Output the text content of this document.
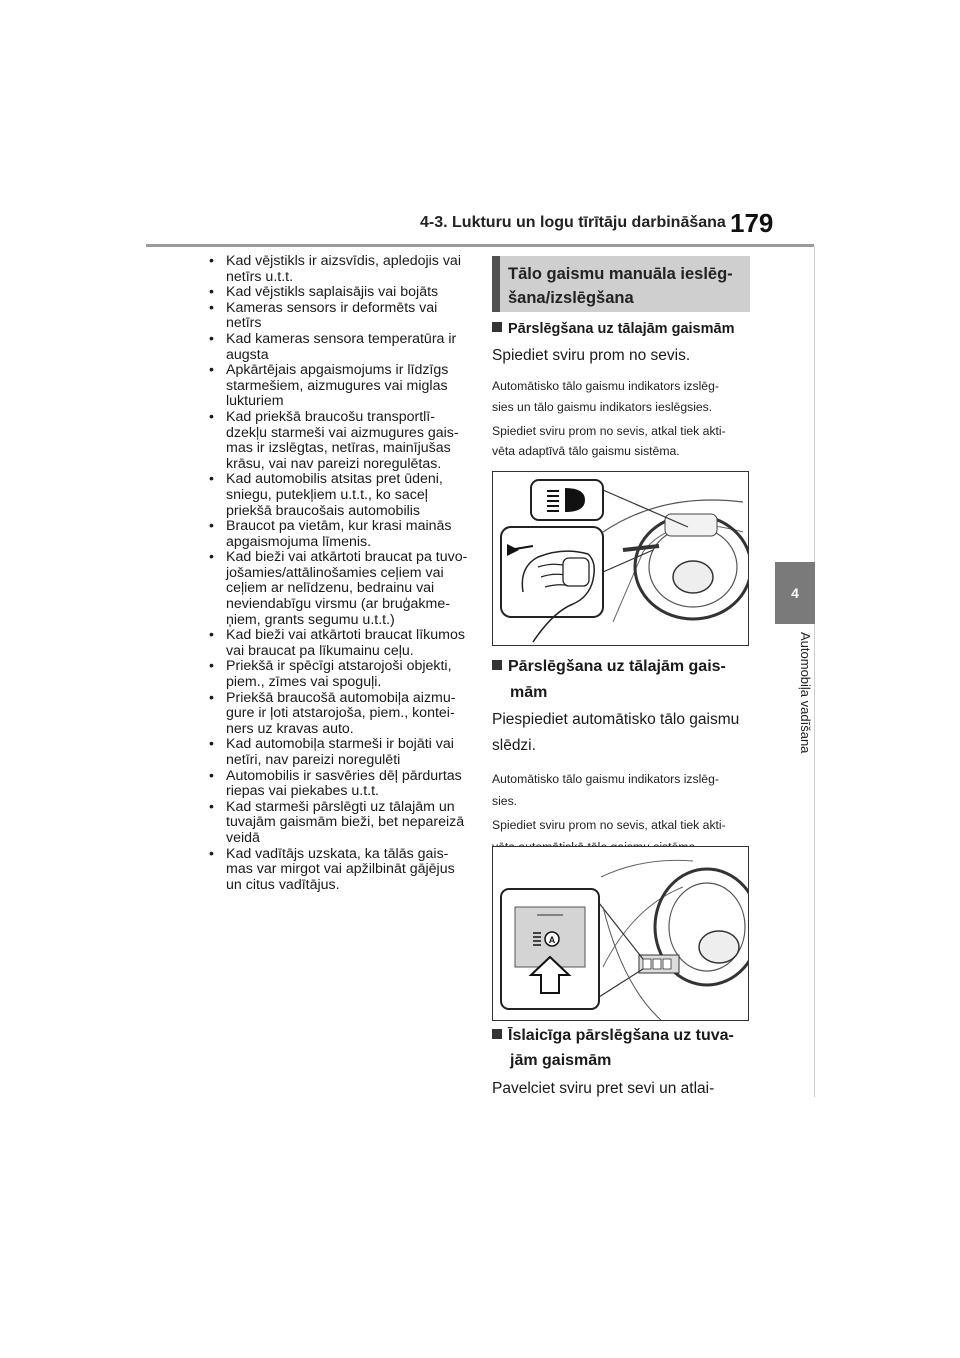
4-3. Lukturu un logu tīrītāju darbināšana 179
4
Automobiļa vadīšana
• Kad vējstikls ir aizsvīdis, apledojis vai netīrs u.t.t.
• Kad vējstikls saplaisājis vai bojāts
• Kameras sensors ir deformēts vai netīrs
• Kad kameras sensora temperatūra ir augsta
• Apkārtējais apgaismojums ir līdzīgs starmešiem, aizmugures vai miglas lukturiem
• Kad priekšā braucošu transportlī-dzekļu starmeši vai aizmugures gais-mas ir izslēgtas, netīras, mainījušas krāsu, vai nav pareizi noregulētas.
• Kad automobilis atsitas pret ūdeni, sniegu, putekļiem u.t.t., ko saceļ priekšā braucošais automobilis
• Braucot pa vietām, kur krasi mainās apgaismojuma līmenis.
• Kad bieži vai atkārtoti braucat pa tuvo-jošamies/attālinošamies ceļiem vai ceļiem ar nelīdzenu, bedrainu vai neviendabīgu virsmu (ar bruģakme-ņiem, grants segumu u.t.t.)
• Kad bieži vai atkārtoti braucat līkumos vai braucat pa līkumainu ceļu.
• Priekšā ir spēcīgi atstarojoši objekti, piem., zīmes vai spoguļi.
• Priekšā braucošā automobiļa aizmu-gure ir ļoti atstarojoša, piem., kontei-ners uz kravas auto.
• Kad automobiļa starmeši ir bojāti vai netīri, nav pareizi noregulēti
• Automobilis ir sasvēries dēļ pārdurtas riepas vai piekabes u.t.t.
• Kad starmeši pārslēgti uz tālajām un tuvajām gaismām bieži, bet nepareizā veidā
• Kad vadītājs uzskata, ka tālās gais-mas var mirgot vai apžilbināt gājējus un citus vadītājus.
Tālo gaismu manuāla ieslēg-
šana/izslēgšana
Pārslēgšana uz tālajām gaismām
Spiediet sviru prom no sevis.
Automātisko tālo gaismu indikators izslēg-
sies un tālo gaismu indikators ieslēgsies.
Spiediet sviru prom no sevis, atkal tiek akti-
vēta adaptīvā tālo gaismu sistēma.
Pārslēgšana uz tālajām gais-
mām
Piespiediet automātisko tālo gaismu
slēdzi.
Automātisko tālo gaismu indikators izslēg-
sies.
Spiediet sviru prom no sevis, atkal tiek akti-
A
Īslaicīga pārslēgšana uz tuva-
jām gaismām
Pavelciet sviru pret sevi un atlai-
